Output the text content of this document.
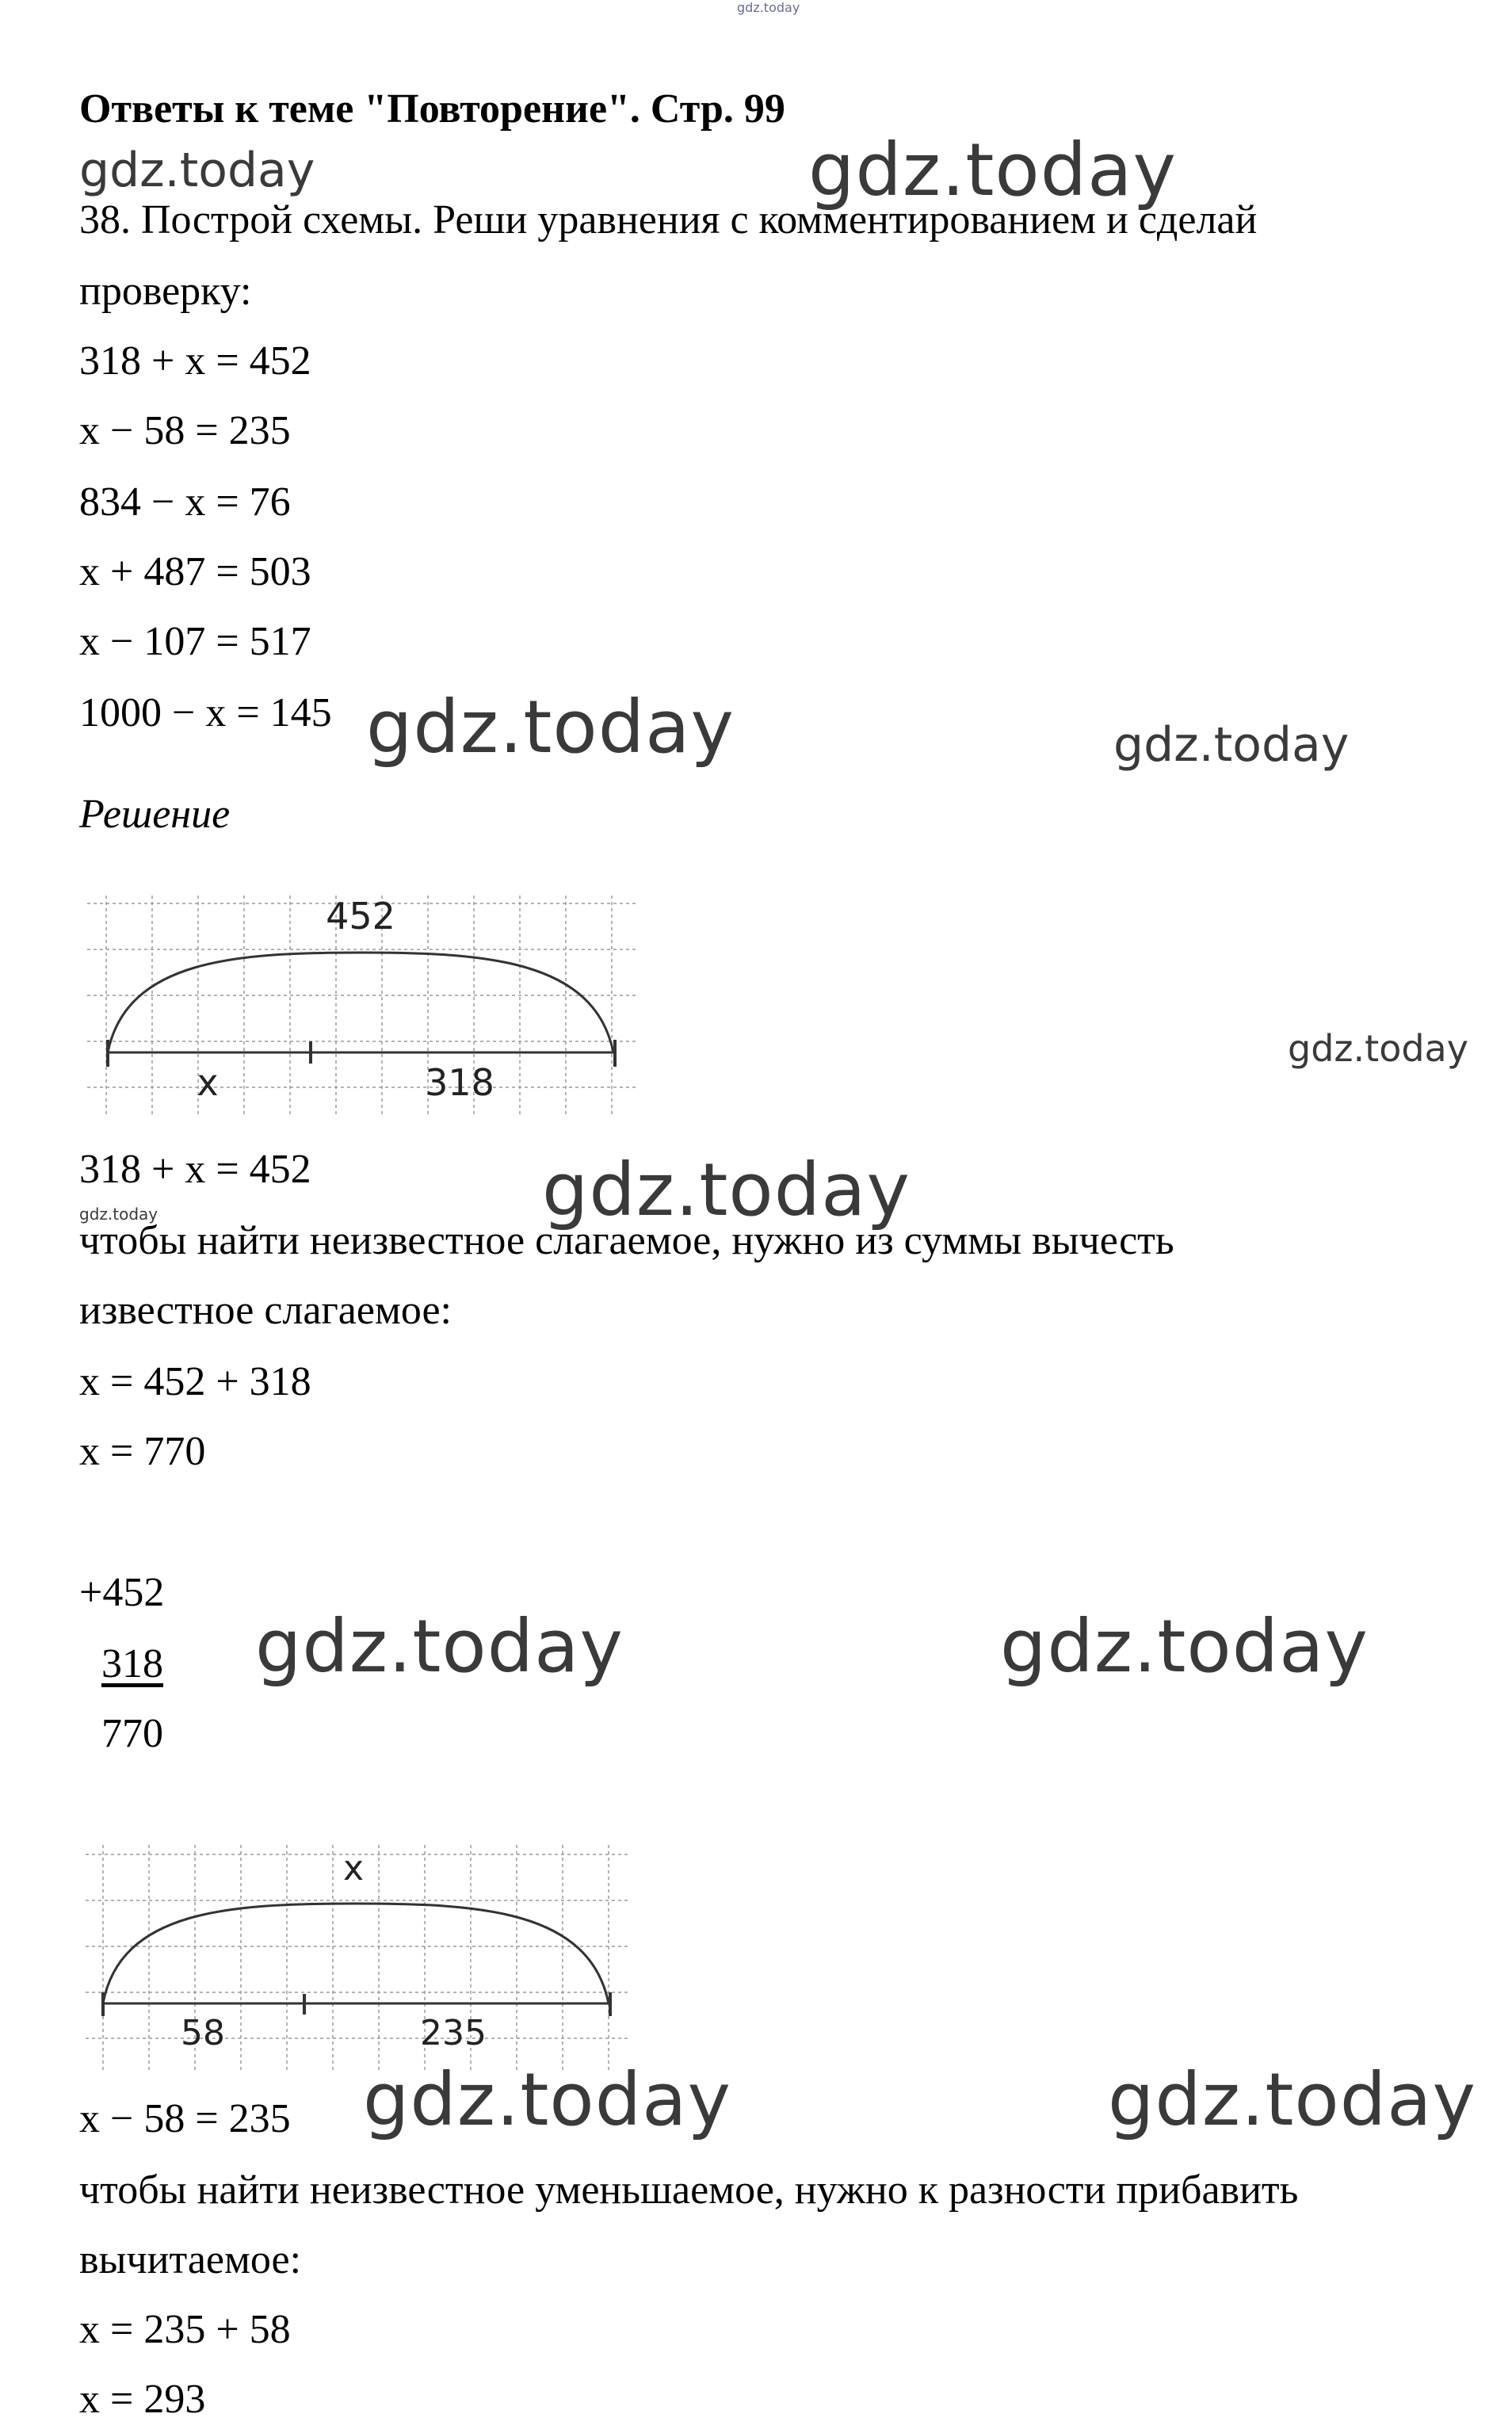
gdz.today
Ответы к теме "Повторение". Стр. 99
gdz.today	gdz.today
38. Построй схемы. Реши уравнения с комментированием и сделай
проверку:
318 + x = 452
x − 58 = 235
834 − x = 76
x + 487 = 503
x − 107 = 517
1000 − x = 145 gdz.today	gdz.today
Решение
452
x	318
gdz.today
318 + x = 452	gdz.today
gdz.today
чтобы найти неизвестное слагаемое, нужно из суммы вычесть
известное слагаемое:
x = 452 + 318
x = 770
+452
318
770
gdz.today	gdz.today
x
58	235
x − 58 = 235 gdz.today	gdz.today
чтобы найти неизвестное уменьшаемое, нужно к разности прибавить
вычитаемое:
x = 235 + 58
x = 293
